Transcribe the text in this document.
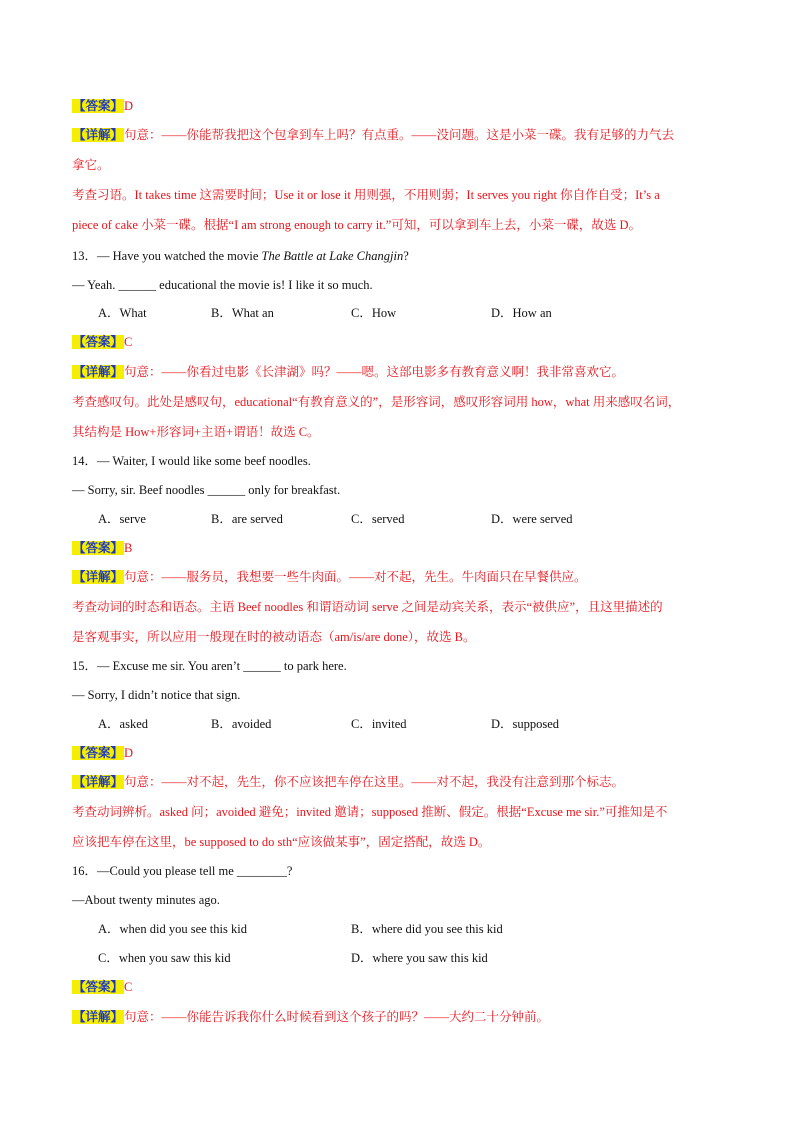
【答案】D
【详解】句意：——你能帮我把这个包拿到车上吗？有点重。——没问题。这是小菜一碟。我有足够的力气去
拿它。
考查习语。It takes time 这需要时间；Use it or lose it 用则强，不用则弱；It serves you right 你自作自受；It’s a
piece of cake 小菜一碟。根据“I am strong enough to carry it.”可知，可以拿到车上去，小菜一碟，故选 D。
13．— Have you watched the movie The Battle at Lake Changjin?
— Yeah. ______ educational the movie is! I like it so much.
A．What	B．What an	C．How	D．How an
【答案】C
【详解】句意：——你看过电影《长津湖》吗？——嗯。这部电影多有教育意义啊！我非常喜欢它。
考查感叹句。此处是感叹句，educational“有教育意义的”，是形容词，感叹形容词用 how，what 用来感叹名词，
其结构是 How+形容词+主语+谓语！故选 C。
14．— Waiter, I would like some beef noodles.
— Sorry, sir. Beef noodles ______ only for breakfast.
A．serve	B．are served	C．served	D．were served
【答案】B
【详解】句意：——服务员，我想要一些牛肉面。——对不起，先生。牛肉面只在早餐供应。
考查动词的时态和语态。主语 Beef noodles 和谓语动词 serve 之间是动宾关系，表示“被供应”，且这里描述的
是客观事实，所以应用一般现在时的被动语态（am/is/are done），故选 B。
15．— Excuse me sir. You aren’t ______ to park here.
— Sorry, I didn’t notice that sign.
A．asked	B．avoided	C．invited	D．supposed
【答案】D
【详解】句意：——对不起，先生，你不应该把车停在这里。——对不起，我没有注意到那个标志。
考查动词辨析。asked 问；avoided 避免；invited 邀请；supposed 推断、假定。根据“Excuse me sir.”可推知是不
应该把车停在这里，be supposed to do sth“应该做某事”，固定搭配，故选 D。
16．—Could you please tell me ________?
—About twenty minutes ago.
A．when did you see this kid	B．where did you see this kid
C．when you saw this kid	D．where you saw this kid
【答案】C
【详解】句意：——你能告诉我你什么时候看到这个孩子的吗？——大约二十分钟前。
